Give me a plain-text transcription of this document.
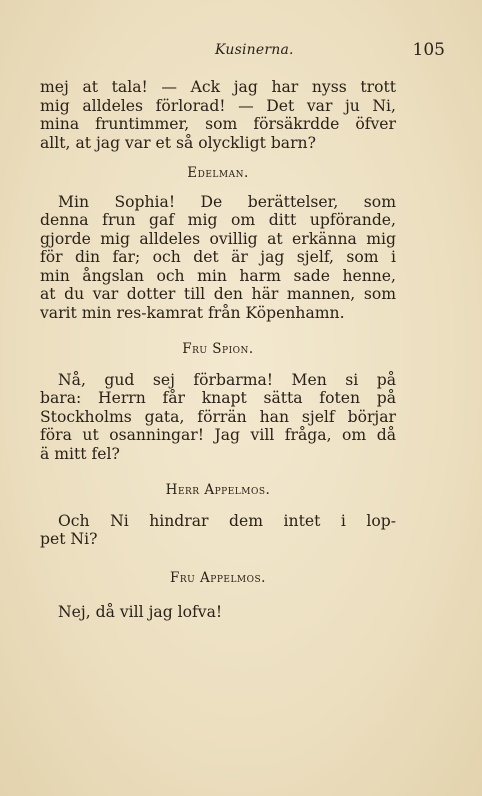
Kusinerna.	105

mej at tala! — Ack jag har nyss trott
mig alldeles förlorad! — Det var ju Ni,
mina fruntimmer, som försäkrdde öfver
allt, at jag var et så olyckligt barn?

Edelman.

Min Sophia! De berättelser, som
denna frun gaf mig om ditt upförande,
gjorde mig alldeles ovillig at erkänna mig
för din far; och det är jag sjelf, som i
min ångslan och min harm sade henne,
at du var dotter till den här mannen, som
varit min res-kamrat från Köpenhamn.

Fru Spion.

Nå, gud sej förbarma! Men si på
bara: Herrn får knapt sätta foten på
Stockholms gata, förrän han sjelf börjar
föra ut osanningar! Jag vill fråga, om då
ä mitt fel?

Herr Appelmos.

Och Ni hindrar dem intet i lop-
pet Ni?

Fru Appelmos.

Nej, då vill jag lofva!
